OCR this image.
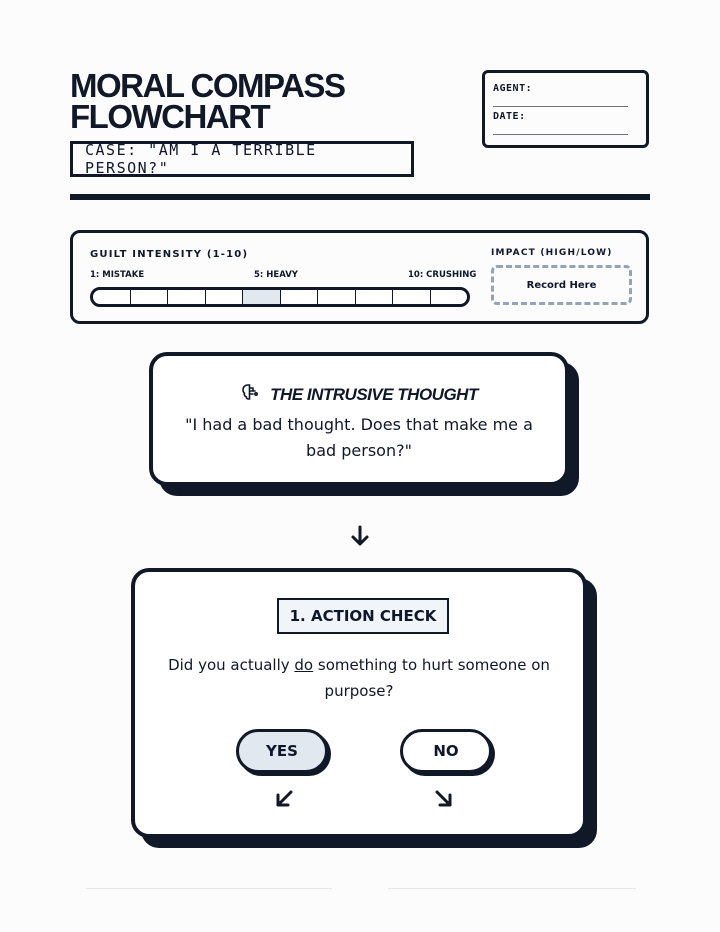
MORAL COMPASS
FLOWCHART
CASE: "AM I A TERRIBLE PERSON?"
AGENT:
DATE:
GUILT INTENSITY (1-10)
1: MISTAKE	5: HEAVY	10: CRUSHING
IMPACT (HIGH/LOW)
Record Here
THE INTRUSIVE THOUGHT
"I had a bad thought. Does that make me a bad person?"
1. ACTION CHECK
Did you actually do something to hurt someone on purpose?
YES	NO
